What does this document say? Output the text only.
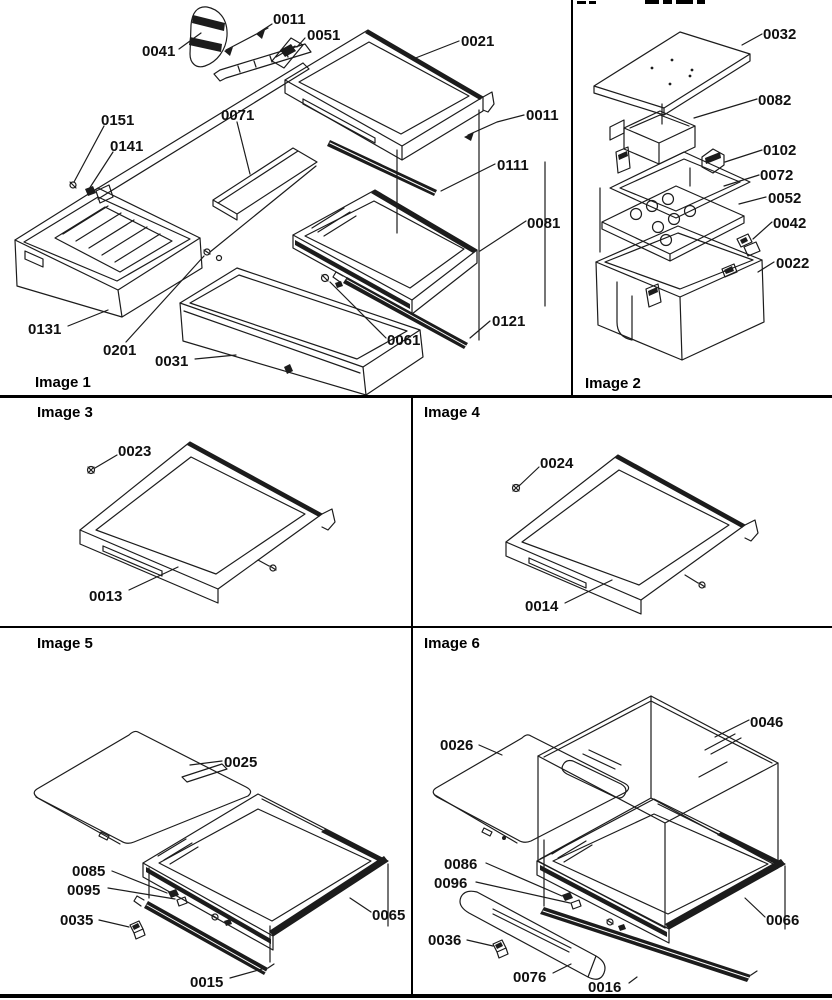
Image 1	Image 2
Image 3	Image 4
Image 5	Image 6
0041
0011
0051	0021
0011
0071
0151
0141
0111
0081
0131
0201
0031
0061
0121
0032
0082
0102
0072
0052
0042
0022
0023
0013
0024
0014
0025
0085
0095
0035	0065
0015
0046
0026
0086
0096
0036
0066
0076
0016
